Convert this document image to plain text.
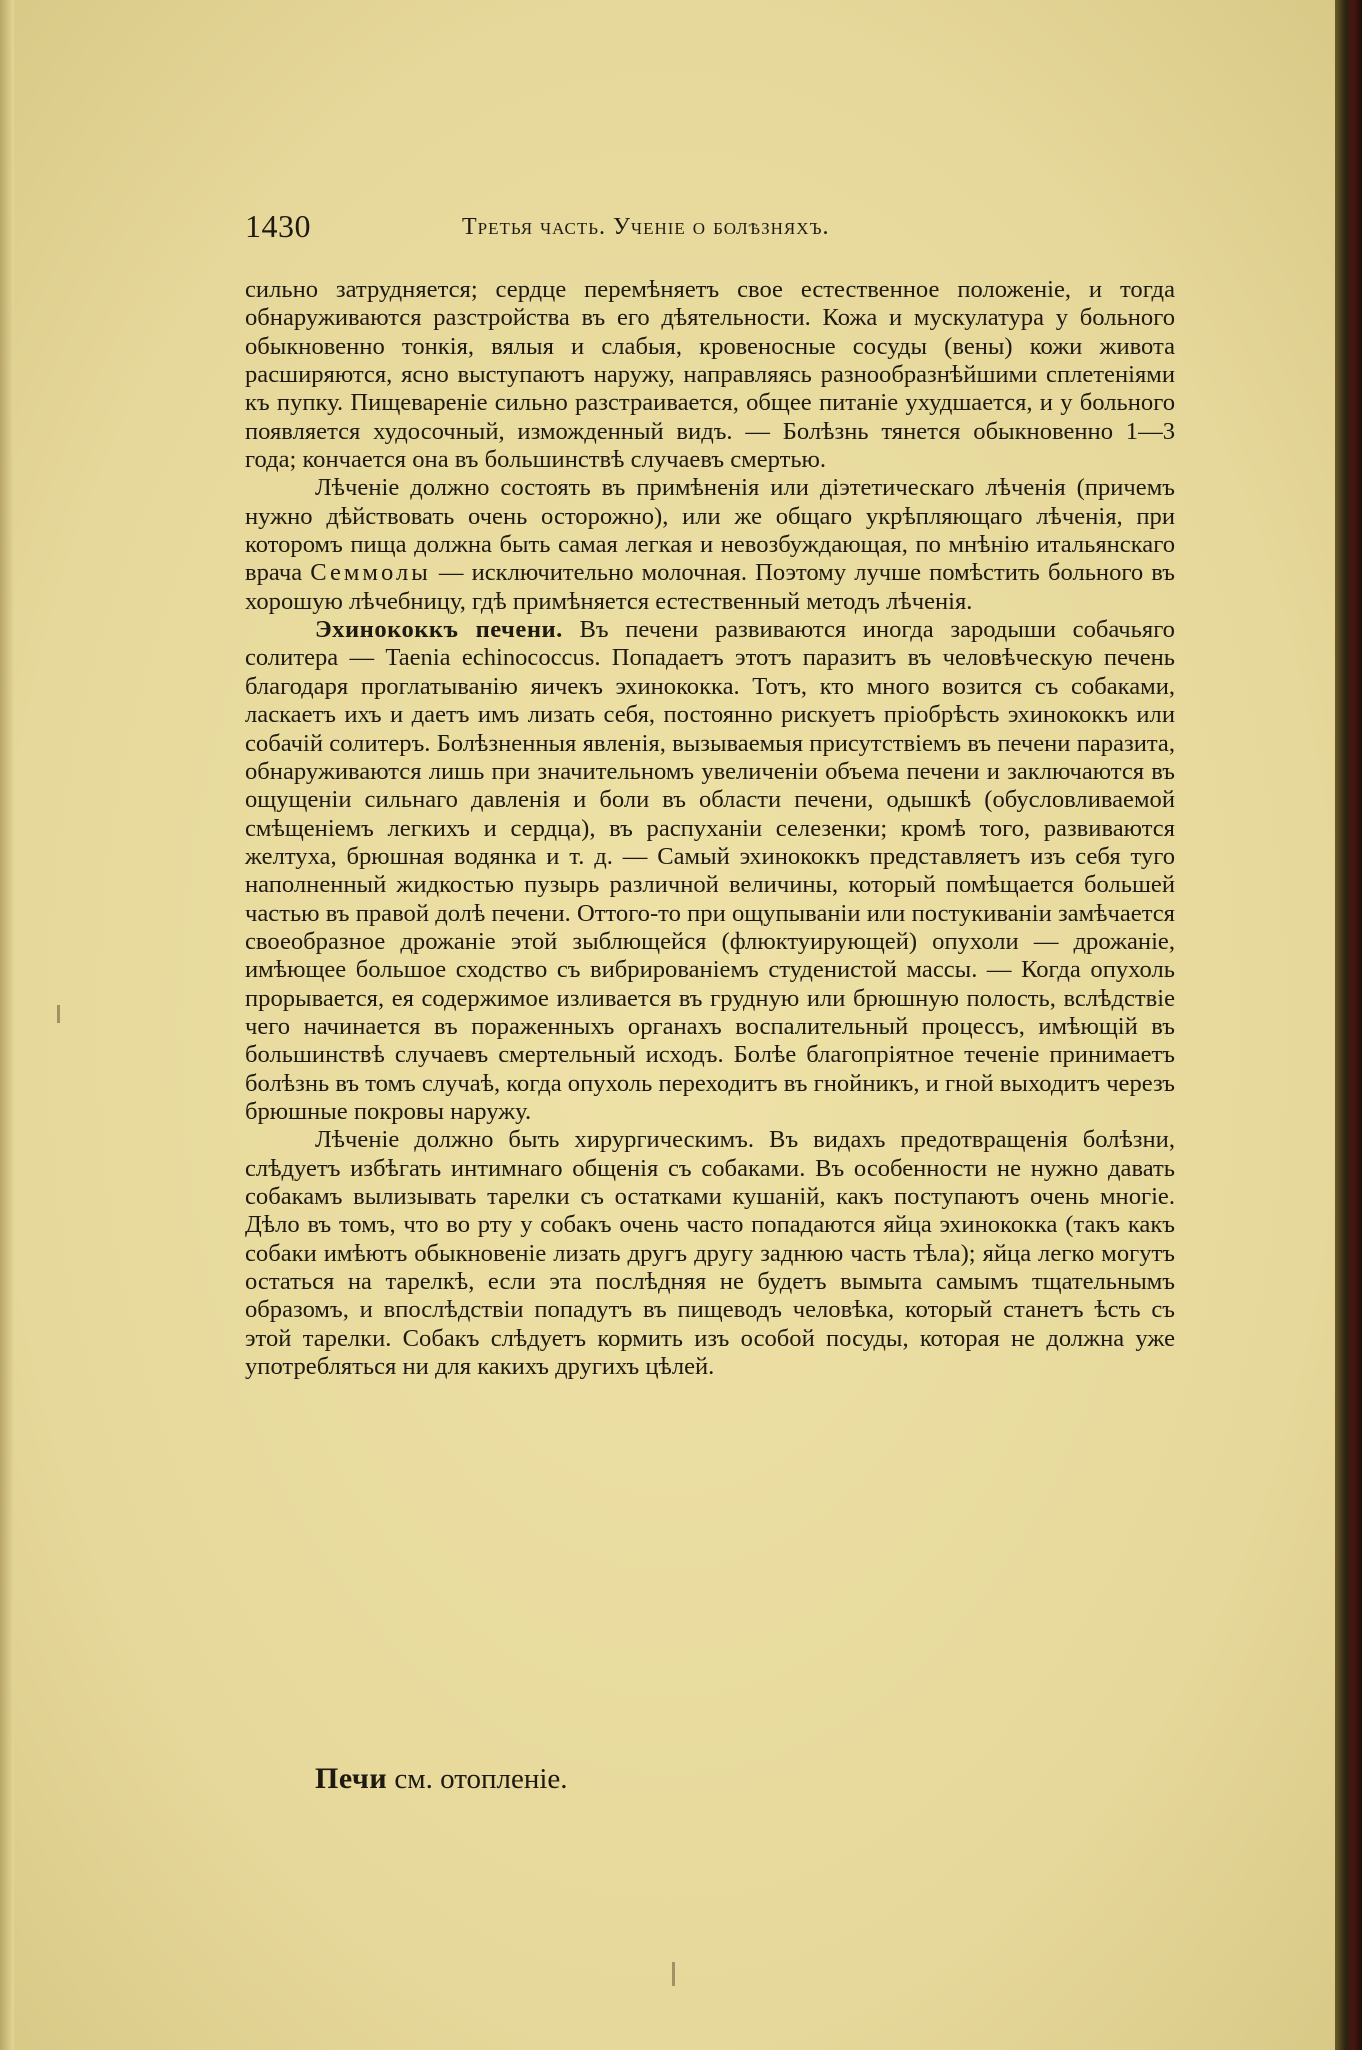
1430	Третья часть. Ученіе о болѣзняхъ.

сильно затрудняется; сердце перемѣняетъ свое естественное положеніе, и тогда обнаруживаются разстройства въ его дѣятельности. Кожа и мускулатура у больного обыкновенно тонкія, вялыя и слабыя, кровеносные сосуды (вены) кожи живота расширяются, ясно выступаютъ наружу, направляясь разнообразнѣйшими сплетеніями къ пупку. Пищевареніе сильно разстраивается, общее питаніе ухудшается, и у больного появляется худосочный, изможденный видъ. — Болѣзнь тянется обыкновенно 1—3 года; кончается она въ большинствѣ случаевъ смертью.

Лѣченіе должно состоять въ примѣненія или діэтетическаго лѣченія (причемъ нужно дѣйствовать очень осторожно), или же общаго укрѣпляющаго лѣченія, при которомъ пища должна быть самая легкая и невозбуждающая, по мнѣнію итальянскаго врача Семмолы — исключительно молочная. Поэтому лучше помѣстить больного въ хорошую лѣчебницу, гдѣ примѣняется естественный методъ лѣченія.

Эхинококкъ печени. Въ печени развиваются иногда зародыши собачьяго солитера — Taenia echinococcus. Попадаетъ этотъ паразитъ въ человѣческую печень благодаря проглатыванію яичекъ эхинококка. Тотъ, кто много возится съ собаками, ласкаетъ ихъ и даетъ имъ лизать себя, постоянно рискуетъ пріобрѣсть эхинококкъ или собачій солитеръ. Болѣзненныя явленія, вызываемыя присутствіемъ въ печени паразита, обнаруживаются лишь при значительномъ увеличеніи объема печени и заключаются въ ощущеніи сильнаго давленія и боли въ области печени, одышкѣ (обусловливаемой смѣщеніемъ легкихъ и сердца), въ распуханіи селезенки; кромѣ того, развиваются желтуха, брюшная водянка и т. д. — Самый эхинококкъ представляетъ изъ себя туго наполненный жидкостью пузырь различной величины, который помѣщается большей частью въ правой долѣ печени. Оттого-то при ощупываніи или постукиваніи замѣчается своеобразное дрожаніе этой зыблющейся (флюктуирующей) опухоли — дрожаніе, имѣющее большое сходство съ вибрированіемъ студенистой массы. — Когда опухоль прорывается, ея содержимое изливается въ грудную или брюшную полость, вслѣдствіе чего начинается въ пораженныхъ органахъ воспалительный процессъ, имѣющій въ большинствѣ случаевъ смертельный исходъ. Болѣе благопріятное теченіе принимаетъ болѣзнь въ томъ случаѣ, когда опухоль переходитъ въ гнойникъ, и гной выходитъ черезъ брюшные покровы наружу.

Лѣченіе должно быть хирургическимъ. Въ видахъ предотвращенія болѣзни, слѣдуетъ избѣгать интимнаго общенія съ собаками. Въ особенности не нужно давать собакамъ вылизывать тарелки съ остатками кушаній, какъ поступаютъ очень многіе. Дѣло въ томъ, что во рту у собакъ очень часто попадаются яйца эхинококка (такъ какъ собаки имѣютъ обыкновеніе лизать другъ другу заднюю часть тѣла); яйца легко могутъ остаться на тарелкѣ, если эта послѣдняя не будетъ вымыта самымъ тщательнымъ образомъ, и впослѣдствіи попадутъ въ пищеводъ человѣка, который станетъ ѣсть съ этой тарелки. Собакъ слѣдуетъ кормить изъ особой посуды, которая не должна уже употребляться ни для какихъ другихъ цѣлей.

Печи см. отопленіе.
